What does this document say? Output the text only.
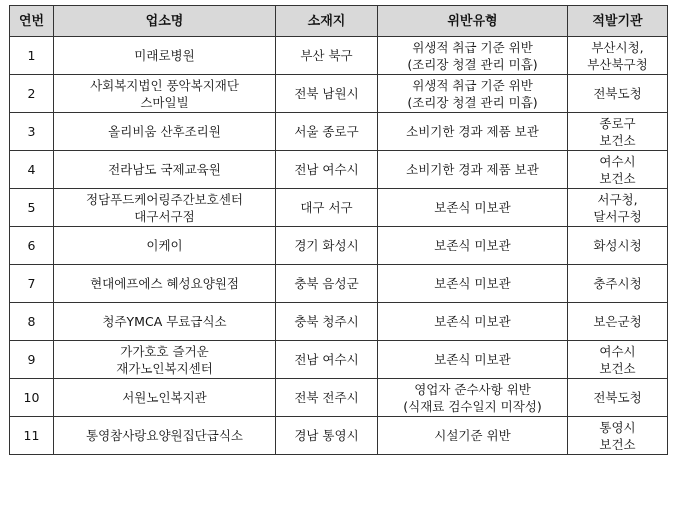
연번	업소명	소재지	위반유형	적발기관
1	미래로병원	부산 북구	위생적 취급 기준 위반
(조리장 청결 관리 미흡)	부산시청,
부산북구청

2	사회복지법인 풍악복지재단
스마일빌	전북 남원시	위생적 취급 기준 위반
(조리장 청결 관리 미흡)	전북도청

3	올리비움 산후조리원	서울 종로구	소비기한 경과 제품 보관	종로구
보건소

4	전라남도 국제교육원	전남 여수시	소비기한 경과 제품 보관	여수시
보건소

5	정담푸드케어링주간보호센터
대구서구점	대구 서구	보존식 미보관	서구청,
달서구청

6	이케이	경기 화성시	보존식 미보관	화성시청

7	현대에프에스 혜성요양원점	충북 음성군	보존식 미보관	충주시청

8	청주YMCA 무료급식소	충북 청주시	보존식 미보관	보은군청

9	가가호호 즐거운
재가노인복지센터	전남 여수시	보존식 미보관	여수시
보건소

10	서원노인복지관	전북 전주시	영업자 준수사항 위반
(식재료 검수일지 미작성)	전북도청

11	통영참사랑요양원집단급식소	경남 통영시	시설기준 위반	통영시
보건소
